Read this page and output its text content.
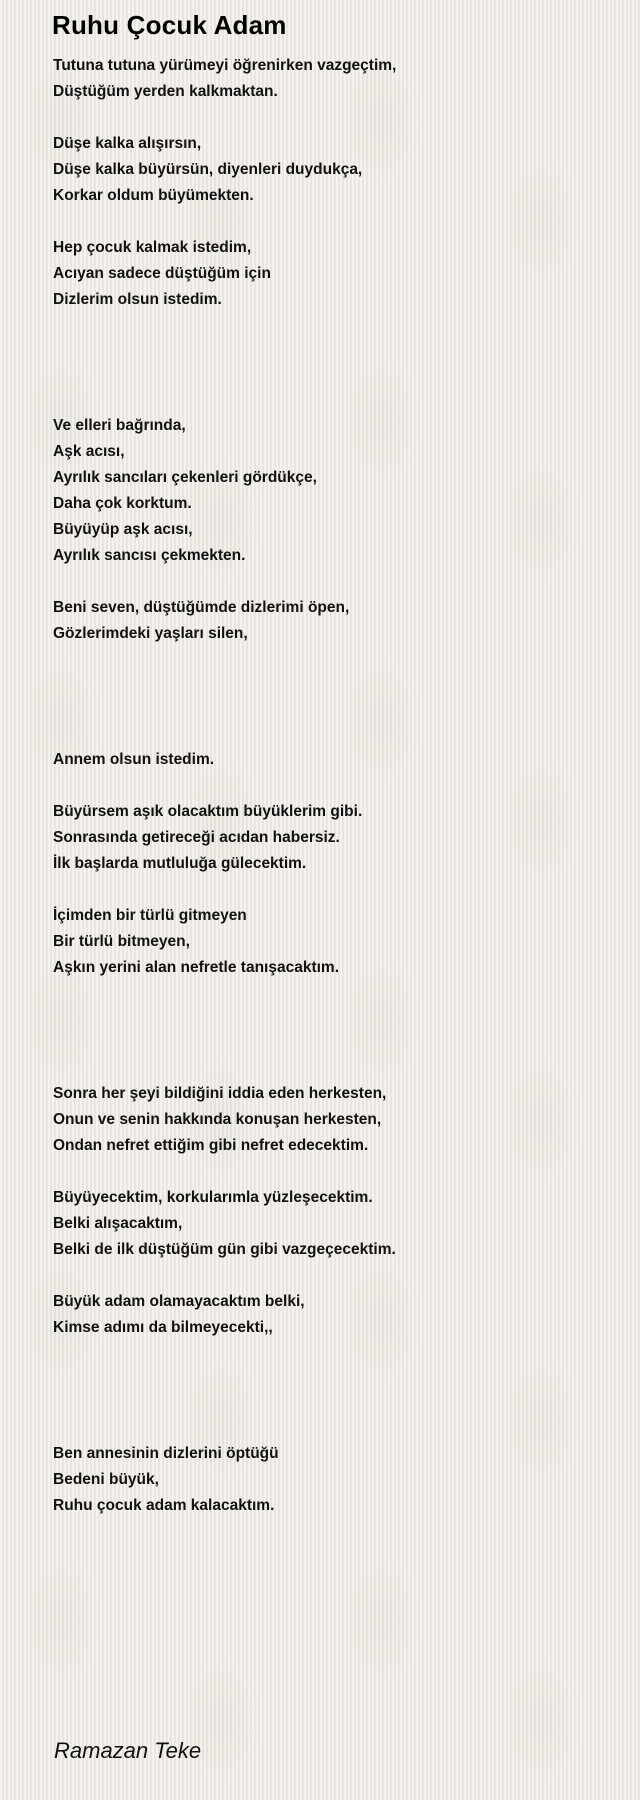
Ruhu Çocuk Adam
Tutuna tutuna yürümeyi öğrenirken vazgeçtim,
Düştüğüm yerden kalkmaktan.
Düşe kalka alışırsın,
Düşe kalka büyürsün, diyenleri duydukça,
Korkar oldum büyümekten.
Hep çocuk kalmak istedim,
Acıyan sadece düştüğüm için
Dizlerim olsun istedim.
Ve elleri bağrında,
Aşk acısı,
Ayrılık sancıları çekenleri gördükçe,
Daha çok korktum.
Büyüyüp aşk acısı,
Ayrılık sancısı çekmekten.
Beni seven, düştüğümde dizlerimi öpen,
Gözlerimdeki yaşları silen,
Annem olsun istedim.
Büyürsem aşık olacaktım büyüklerim gibi.
Sonrasında getireceği acıdan habersiz.
İlk başlarda mutluluğa gülecektim.
İçimden bir türlü gitmeyen
Bir türlü bitmeyen,
Aşkın yerini alan nefretle tanışacaktım.
Sonra her şeyi bildiğini iddia eden herkesten,
Onun ve senin hakkında konuşan herkesten,
Ondan nefret ettiğim gibi nefret edecektim.
Büyüyecektim, korkularımla yüzleşecektim.
Belki alışacaktım,
Belki de ilk düştüğüm gün gibi vazgeçecektim.
Büyük adam olamayacaktım belki,
Kimse adımı da bilmeyecekti,,
Ben annesinin dizlerini öptüğü
Bedeni büyük,
Ruhu çocuk adam kalacaktım.

Ramazan Teke
